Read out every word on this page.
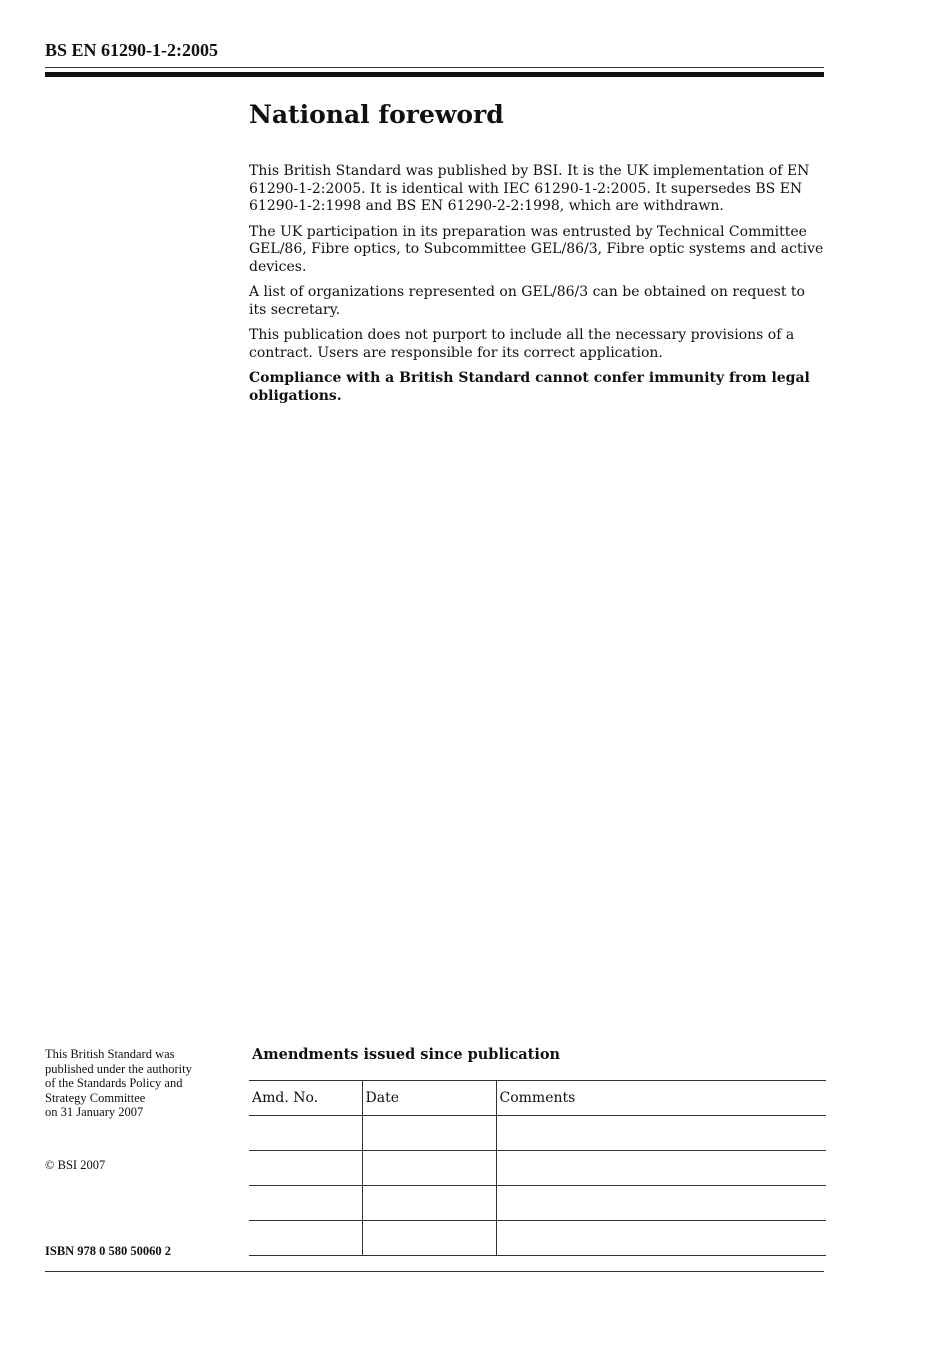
BS EN 61290-1-2:2005
National foreword

This British Standard was published by BSI. It is the UK implementation of EN 61290-1-2:2005. It is identical with IEC 61290-1-2:2005. It supersedes BS EN 61290-1-2:1998 and BS EN 61290-2-2:1998, which are withdrawn.

The UK participation in its preparation was entrusted by Technical Committee GEL/86, Fibre optics, to Subcommittee GEL/86/3, Fibre optic systems and active devices.

A list of organizations represented on GEL/86/3 can be obtained on request to its secretary.

This publication does not purport to include all the necessary provisions of a contract. Users are responsible for its correct application.

Compliance with a British Standard cannot confer immunity from legal obligations.

This British Standard was
published under the authority
of the Standards Policy and
Strategy Committee
on 31 January 2007
© BSI 2007
ISBN 978 0 580 50060 2
Amendments issued since publication
Amd. No.	Date	Comments
